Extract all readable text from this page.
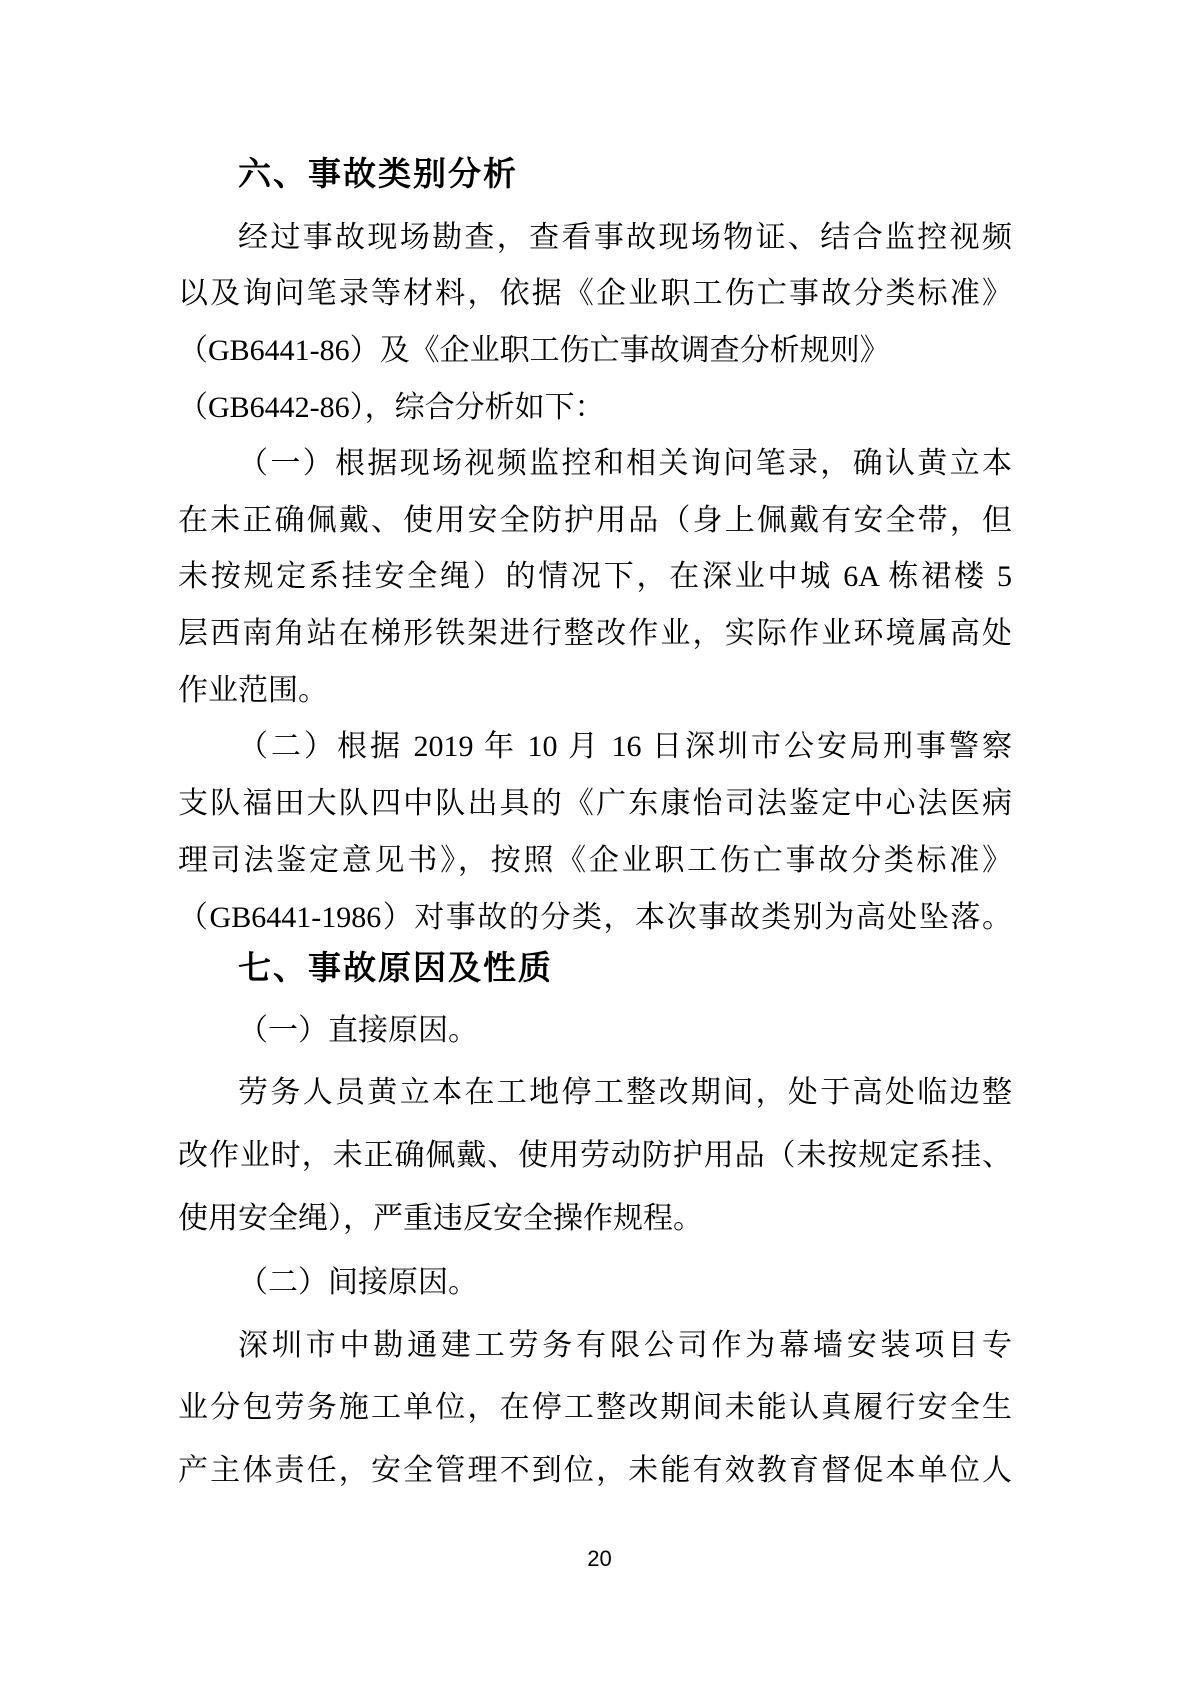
六、事故类别分析
经过事故现场勘查，查看事故现场物证、结合监控视频
以及询问笔录等材料，依据《企业职工伤亡事故分类标准》
（GB6441-86）及《企业职工伤亡事故调查分析规则》
（GB6442-86），综合分析如下：
（一）根据现场视频监控和相关询问笔录，确认黄立本
在未正确佩戴、使用安全防护用品（身上佩戴有安全带，但
未按规定系挂安全绳）的情况下，在深业中城 6A 栋裙楼 5
层西南角站在梯形铁架进行整改作业，实际作业环境属高处
作业范围。
（二）根据 2019 年 10 月 16 日深圳市公安局刑事警察
支队福田大队四中队出具的《广东康怡司法鉴定中心法医病
理司法鉴定意见书》，按照《企业职工伤亡事故分类标准》
（GB6441-1986）对事故的分类，本次事故类别为高处坠落。
七、事故原因及性质
（一）直接原因。
劳务人员黄立本在工地停工整改期间，处于高处临边整
改作业时，未正确佩戴、使用劳动防护用品（未按规定系挂、
使用安全绳），严重违反安全操作规程。
（二）间接原因。
深圳市中勘通建工劳务有限公司作为幕墙安装项目专
业分包劳务施工单位，在停工整改期间未能认真履行安全生
产主体责任，安全管理不到位，未能有效教育督促本单位人
20
